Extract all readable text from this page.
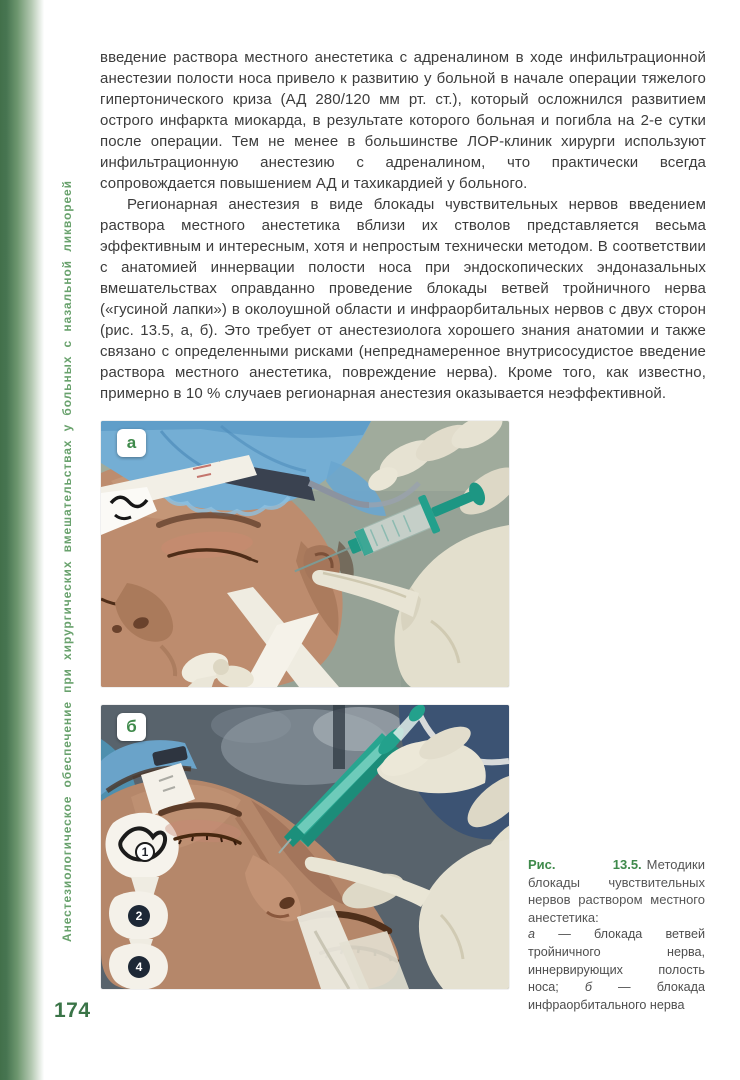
Анестезиологическое обеспечение при хирургических вмешательствах у больных с назальной ликвореей

введение раствора местного анестетика с адреналином в ходе инфильтрационной анестезии полости носа привело к развитию у больной в начале операции тяжелого гипертонического криза (АД 280/120 мм рт. ст.), который осложнился развитием острого инфаркта миокарда, в результате которого больная и погибла на 2-е сутки после операции. Тем не менее в большинстве ЛОР-клиник хирурги используют инфильтрационную анестезию с адреналином, что практически всегда сопровождается повышением АД и тахикардией у больного.

Регионарная анестезия в виде блокады чувствительных нервов введением раствора местного анестетика вблизи их стволов представляется весьма эффективным и интересным, хотя и непростым технически методом. В соответствии с анатомией иннервации полости носа при эндоскопических эндоназальных вмешательствах оправданно проведение блокады ветвей тройничного нерва («гусиной лапки») в околоушной области и инфраорбитальных нервов с двух сторон (рис. 13.5, а, б). Это требует от анестезиолога хорошего знания анатомии и также связано с определенными рисками (непреднамеренное внутрисосудистое введение раствора местного анестетика, повреждение нерва). Кроме того, как известно, примерно в 10 % случаев регионарная анестезия оказывается неэффективной.

а
1
2
4
б
Рис. 13.5. Методики блокады чувствительных нервов раствором местного анестетика:
а — блокада ветвей тройничного нерва, иннервирующих полость носа; б — блокада инфраорбитального нерва
174
